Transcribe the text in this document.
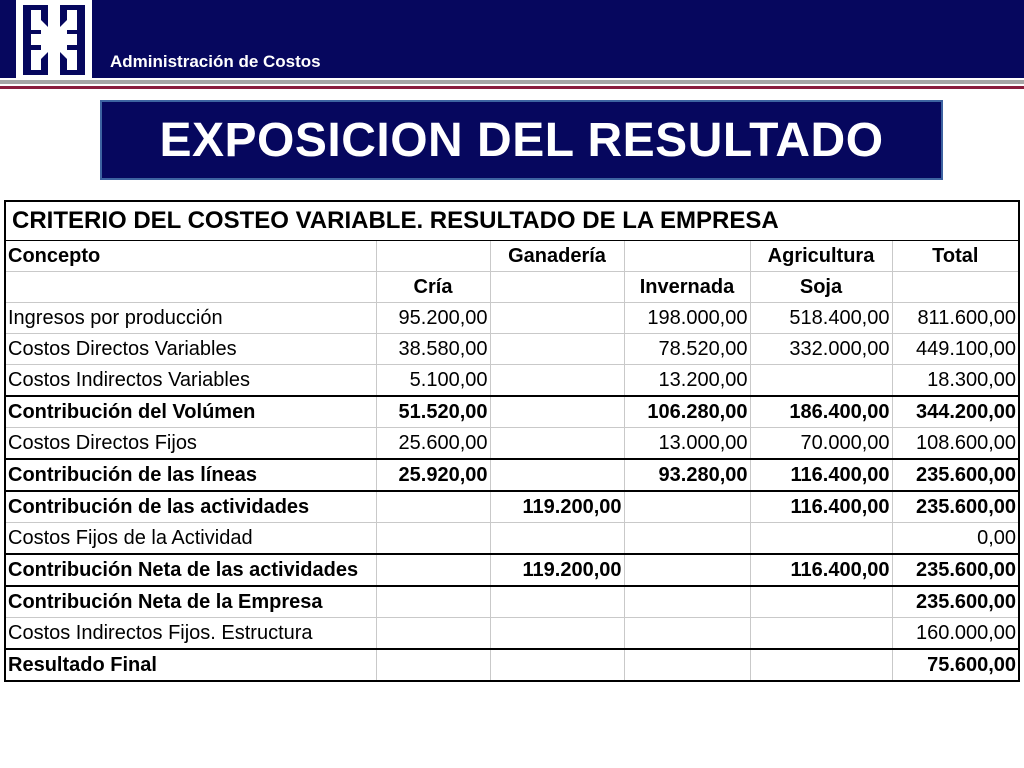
Administración de Costos
EXPOSICION DEL RESULTADO
CRITERIO DEL COSTEO VARIABLE. RESULTADO DE LA EMPRESA					
Concepto		Ganadería		Agricultura	Total
	Cría		Invernada	Soja	
Ingresos por producción	95.200,00		198.000,00	518.400,00	811.600,00
Costos Directos Variables	38.580,00		78.520,00	332.000,00	449.100,00
Costos Indirectos Variables	5.100,00		13.200,00		18.300,00
Contribución del Volúmen	51.520,00		106.280,00	186.400,00	344.200,00
Costos Directos Fijos	25.600,00		13.000,00	70.000,00	108.600,00
Contribución de las líneas	25.920,00		93.280,00	116.400,00	235.600,00
Contribución de las actividades		119.200,00		116.400,00	235.600,00
Costos Fijos de la Actividad					0,00
Contribución Neta de las actividades		119.200,00		116.400,00	235.600,00
Contribución Neta de la Empresa					235.600,00
Costos Indirectos Fijos. Estructura					160.000,00
Resultado Final					75.600,00
